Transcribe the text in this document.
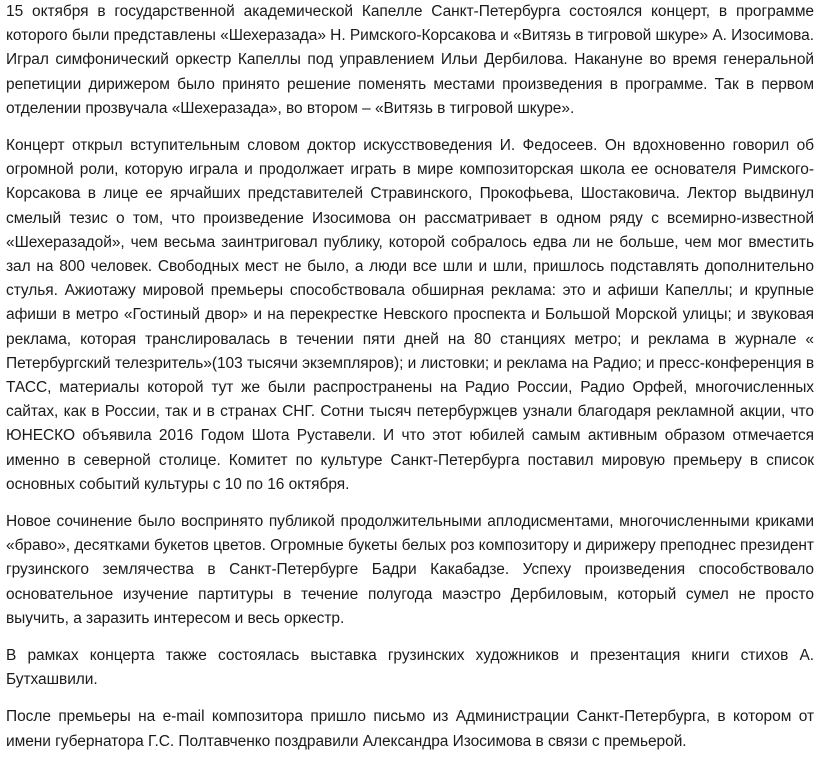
15 октября в государственной академической Капелле Санкт-Петербурга состоялся концерт, в программе которого были представлены «Шехеразада» Н. Римского-Корсакова и «Витязь в тигровой шкуре» А. Изосимова. Играл симфонический оркестр Капеллы под управлением Ильи Дербилова. Накануне во время генеральной репетиции дирижером было принято решение поменять местами произведения в программе. Так в первом отделении прозвучала «Шехеразада», во втором – «Витязь в тигровой шкуре».

Концерт открыл вступительным словом доктор искусствоведения И. Федосеев. Он вдохновенно говорил об огромной роли, которую играла и продолжает играть в мире композиторская школа ее основателя Римского-Корсакова в лице ее ярчайших представителей Стравинского, Прокофьева, Шостаковича. Лектор выдвинул смелый тезис о том, что произведение Изосимова он рассматривает в одном ряду с всемирно-известной «Шехеразадой», чем весьма заинтриговал публику, которой собралось едва ли не больше, чем мог вместить зал на 800 человек. Свободных мест не было, а люди все шли и шли, пришлось подставлять дополнительно стулья. Ажиотажу мировой премьеры способствовала обширная реклама: это и афиши Капеллы; и крупные афиши в метро «Гостиный двор» и на перекрестке Невского проспекта и Большой Морской улицы; и звуковая реклама, которая транслировалась в течении пяти дней на 80 станциях метро; и реклама в журнале « Петербургский телезритель»(103 тысячи экземпляров); и листовки; и реклама на Радио; и пресс-конференция в ТАСС, материалы которой тут же были распространены на Радио России, Радио Орфей, многочисленных сайтах, как в России, так и в странах СНГ. Сотни тысяч петербуржцев узнали благодаря рекламной акции, что ЮНЕСКО объявила 2016 Годом Шота Руставели. И что этот юбилей самым активным образом отмечается именно в северной столице. Комитет по культуре Санкт-Петербурга поставил мировую премьеру в список основных событий культуры с 10 по 16 октября.

Новое сочинение было воспринято публикой продолжительными аплодисментами, многочисленными криками «браво», десятками букетов цветов. Огромные букеты белых роз композитору и дирижеру преподнес президент грузинского землячества в Санкт-Петербурге Бадри Какабадзе. Успеху произведения способствовало основательное изучение партитуры в течение полугода маэстро Дербиловым, который сумел не просто выучить, а заразить интересом и весь оркестр.

В рамках концерта также состоялась выставка грузинских художников и презентация книги стихов А. Бутхашвили.

После премьеры на e-mail композитора пришло письмо из Администрации Санкт-Петербурга, в котором от имени губернатора Г.С. Полтавченко поздравили Александра Изосимова в связи с премьерой.
